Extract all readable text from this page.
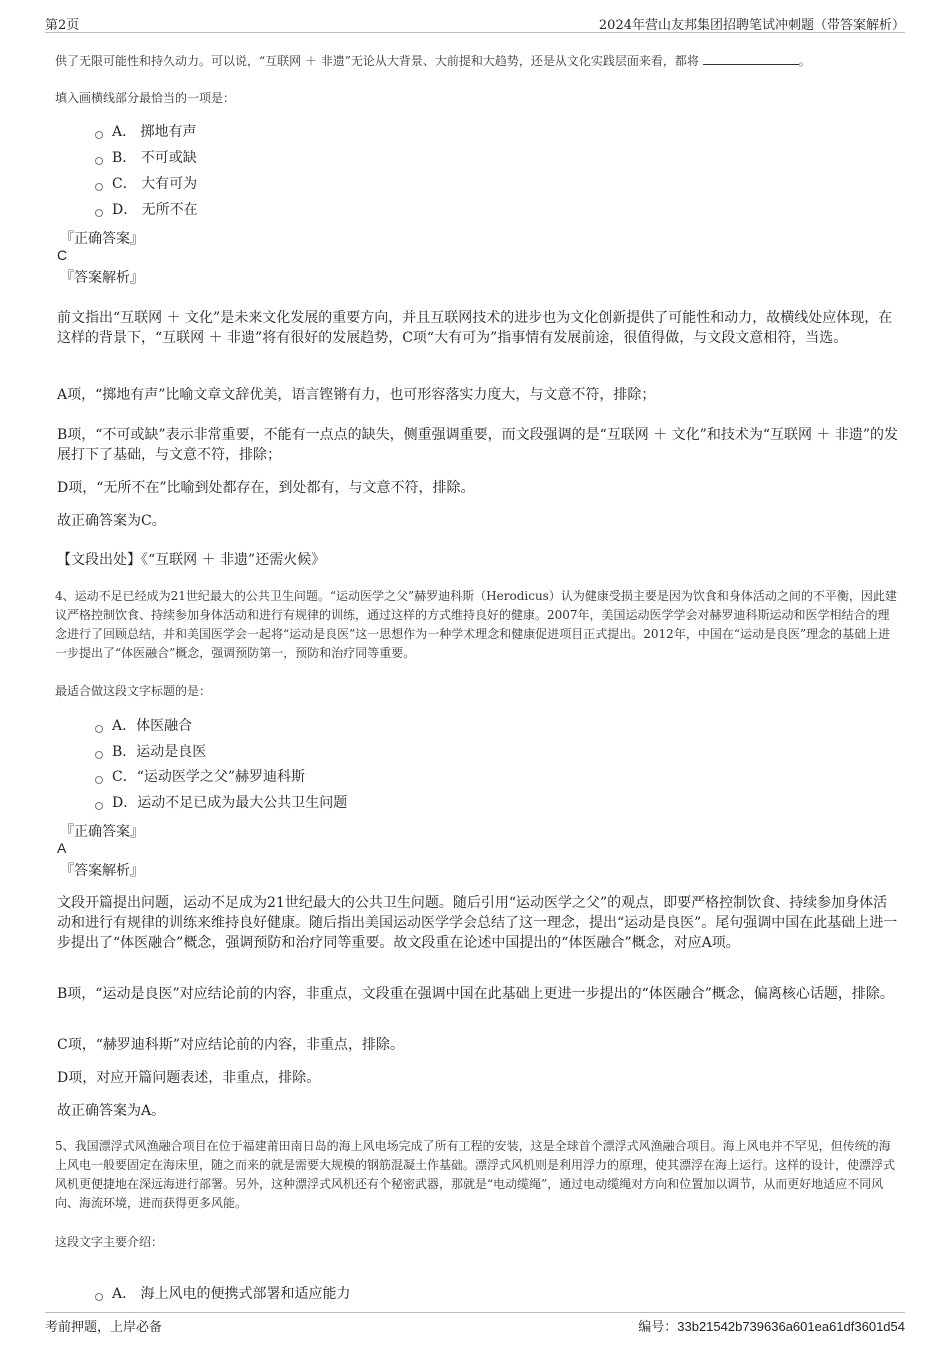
第2页	2024年营山友邦集团招聘笔试冲刺题（带答案解析）
供了无限可能性和持久动力。可以说，“互联网 ＋ 非遗”无论从大背景、大前提和大趋势，还是从文化实践层面来看，都将	。
填入画横线部分最恰当的一项是：
A． 掷地有声
B． 不可或缺
C． 大有可为
D． 无所不在
『正确答案』
C
『答案解析』
前文指出“互联网 ＋ 文化”是未来文化发展的重要方向，并且互联网技术的进步也为文化创新提供了可能性和动力，故横线处应体现，在这样的背景下，“互联网 ＋ 非遗”将有很好的发展趋势，C项“大有可为”指事情有发展前途，很值得做，与文段文意相符，当选。
A项，“掷地有声”比喻文章文辞优美，语言铿锵有力，也可形容落实力度大，与文意不符，排除；
B项，“不可或缺”表示非常重要，不能有一点点的缺失，侧重强调重要，而文段强调的是“互联网 ＋ 文化”和技术为“互联网 ＋ 非遗”的发展打下了基础，与文意不符，排除；
D项，“无所不在”比喻到处都存在，到处都有，与文意不符，排除。
故正确答案为C。
【文段出处】《“互联网 ＋ 非遗”还需火候》
4、运动不足已经成为21世纪最大的公共卫生问题。“运动医学之父”赫罗迪科斯（Herodicus）认为健康受损主要是因为饮食和身体活动之间的不平衡，因此建议严格控制饮食、持续参加身体活动和进行有规律的训练，通过这样的方式维持良好的健康。2007年，美国运动医学学会对赫罗迪科斯运动和医学相结合的理念进行了回顾总结，并和美国医学会一起将“运动是良医”这一思想作为一种学术理念和健康促进项目正式提出。2012年，中国在“运动是良医”理念的基础上进一步提出了“体医融合”概念，强调预防第一，预防和治疗同等重要。
最适合做这段文字标题的是：
A．体医融合
B．运动是良医
C．“运动医学之父”赫罗迪科斯
D．运动不足已成为最大公共卫生问题
『正确答案』
A
『答案解析』
文段开篇提出问题，运动不足成为21世纪最大的公共卫生问题。随后引用“运动医学之父”的观点，即要严格控制饮食、持续参加身体活动和进行有规律的训练来维持良好健康。随后指出美国运动医学学会总结了这一理念，提出“运动是良医”。尾句强调中国在此基础上进一步提出了“体医融合”概念，强调预防和治疗同等重要。故文段重在论述中国提出的“体医融合”概念，对应A项。
B项，“运动是良医”对应结论前的内容，非重点，文段重在强调中国在此基础上更进一步提出的“体医融合”概念，偏离核心话题，排除。
C项，“赫罗迪科斯”对应结论前的内容，非重点，排除。
D项，对应开篇问题表述，非重点，排除。
故正确答案为A。
5、我国漂浮式风渔融合项目在位于福建莆田南日岛的海上风电场完成了所有工程的安装，这是全球首个漂浮式风渔融合项目。海上风电并不罕见，但传统的海上风电一般要固定在海床里，随之而来的就是需要大规模的钢筋混凝土作基础。漂浮式风机则是利用浮力的原理，使其漂浮在海上运行。这样的设计，使漂浮式风机更便捷地在深远海进行部署。另外，这种漂浮式风机还有个秘密武器，那就是“电动缆绳”，通过电动缆绳对方向和位置加以调节，从而更好地适应不同风向、海流环境，进而获得更多风能。
这段文字主要介绍：
A． 海上风电的便携式部署和适应能力
考前押题，上岸必备	编号：33b21542b739636a601ea61df3601d54
